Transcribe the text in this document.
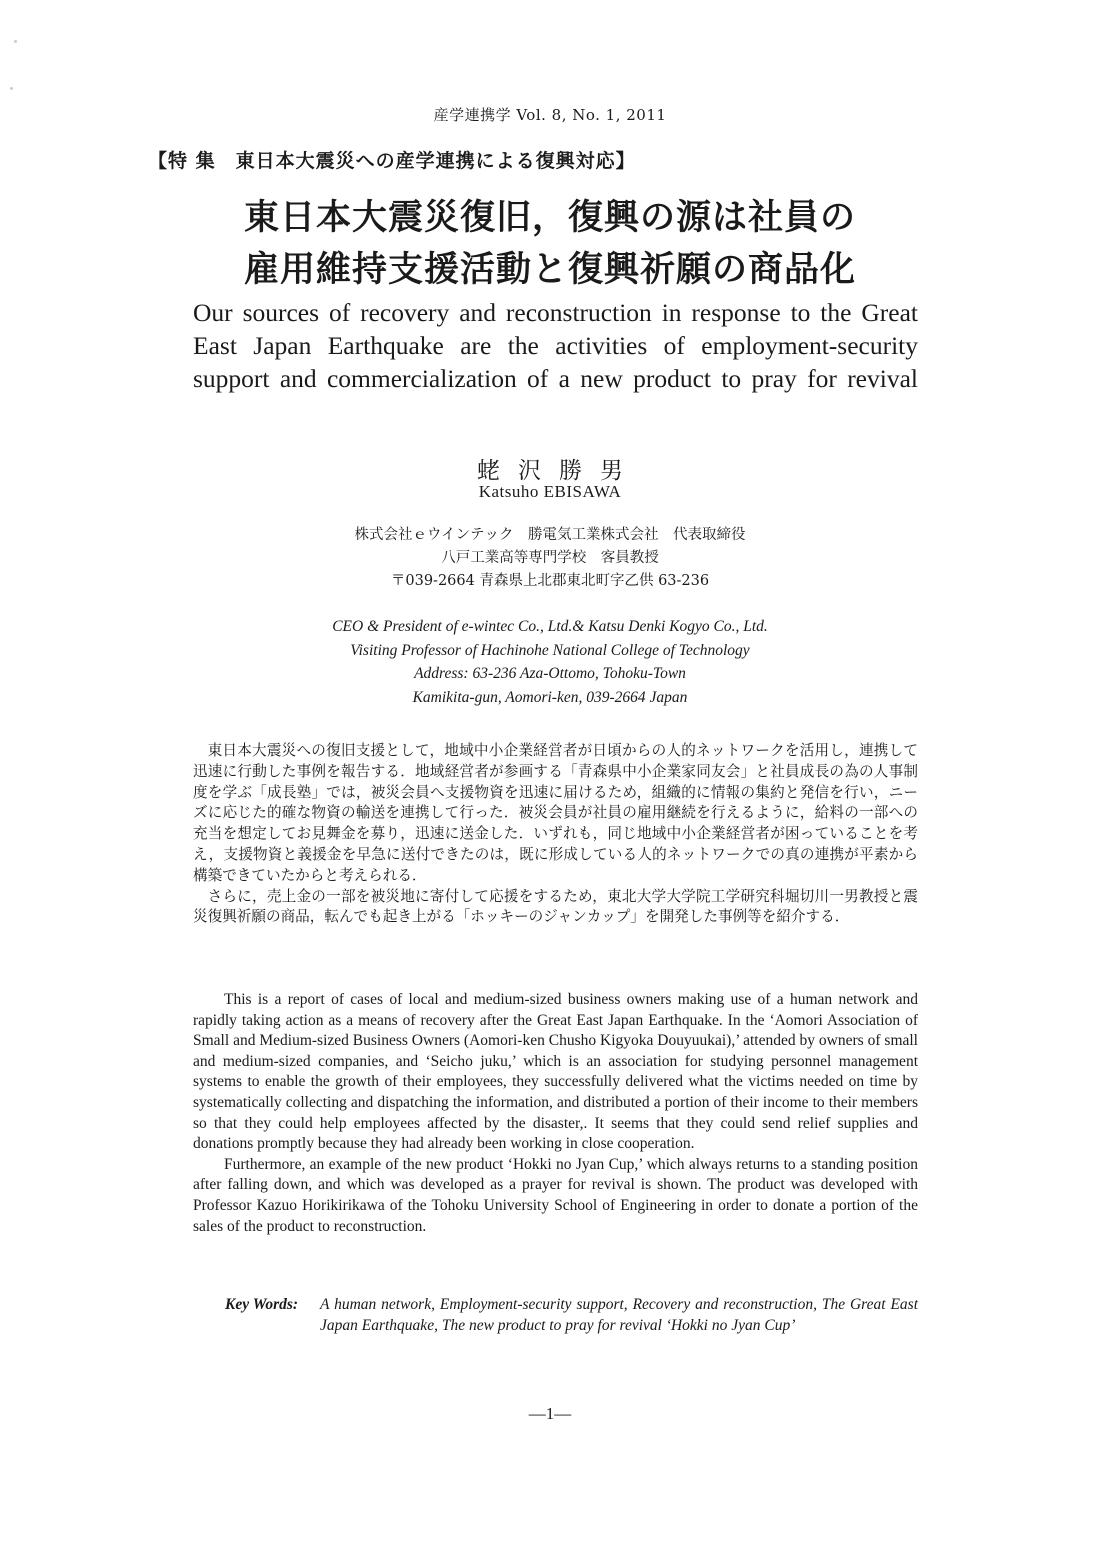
産学連携学 Vol. 8, No. 1, 2011
【特 集　東日本大震災への産学連携による復興対応】
東日本大震災復旧，復興の源は社員の
雇用維持支援活動と復興祈願の商品化
Our sources of recovery and reconstruction in response to the Great
East Japan Earthquake are the activities of employment-security
support and commercialization of a new product to pray for revival
蛯沢勝男
Katsuho EBISAWA
株式会社ｅウインテック　勝電気工業株式会社　代表取締役
八戸工業高等専門学校　客員教授
〒039-2664 青森県上北郡東北町字乙供 63-236
CEO & President of e-wintec Co., Ltd.& Katsu Denki Kogyo Co., Ltd.
Visiting Professor of Hachinohe National College of Technology
Address: 63-236 Aza-Ottomo, Tohoku-Town
Kamikita-gun, Aomori-ken, 039-2664 Japan

東日本大震災への復旧支援として，地域中小企業経営者が日頃からの人的ネットワークを活用し，連携して迅速に行動した事例を報告する．地域経営者が参画する「青森県中小企業家同友会」と社員成長の為の人事制度を学ぶ「成長塾」では，被災会員へ支援物資を迅速に届けるため，組織的に情報の集約と発信を行い，ニーズに応じた的確な物資の輸送を連携して行った．被災会員が社員の雇用継続を行えるように，給料の一部への充当を想定してお見舞金を募り，迅速に送金した．いずれも，同じ地域中小企業経営者が困っていることを考え，支援物資と義援金を早急に送付できたのは，既に形成している人的ネットワークでの真の連携が平素から構築できていたからと考えられる．

さらに，売上金の一部を被災地に寄付して応援をするため，東北大学大学院工学研究科堀切川一男教授と震災復興祈願の商品，転んでも起き上がる「ホッキーのジャンカップ」を開発した事例等を紹介する．

This is a report of cases of local and medium-sized business owners making use of a human network and rapidly taking action as a means of recovery after the Great East Japan Earthquake. In the ‘Aomori Association of Small and Medium-sized Business Owners (Aomori-ken Chusho Kigyoka Douyuukai),’ attended by owners of small and medium-sized companies, and ‘Seicho juku,’ which is an association for studying personnel management systems to enable the growth of their employees, they successfully delivered what the victims needed on time by systematically collecting and dispatching the information, and distributed a portion of their income to their members so that they could help employees affected by the disaster,. It seems that they could send relief supplies and donations promptly because they had already been working in close cooperation.

Furthermore, an example of the new product ‘Hokki no Jyan Cup,’ which always returns to a standing position after falling down, and which was developed as a prayer for revival is shown. The product was developed with Professor Kazuo Horikirikawa of the Tohoku University School of Engineering in order to donate a portion of the sales of the product to reconstruction.

Key Words: A human network, Employment-security support, Recovery and reconstruction, The Great East Japan Earthquake, The new product to pray for revival ‘Hokki no Jyan Cup’
—1—
